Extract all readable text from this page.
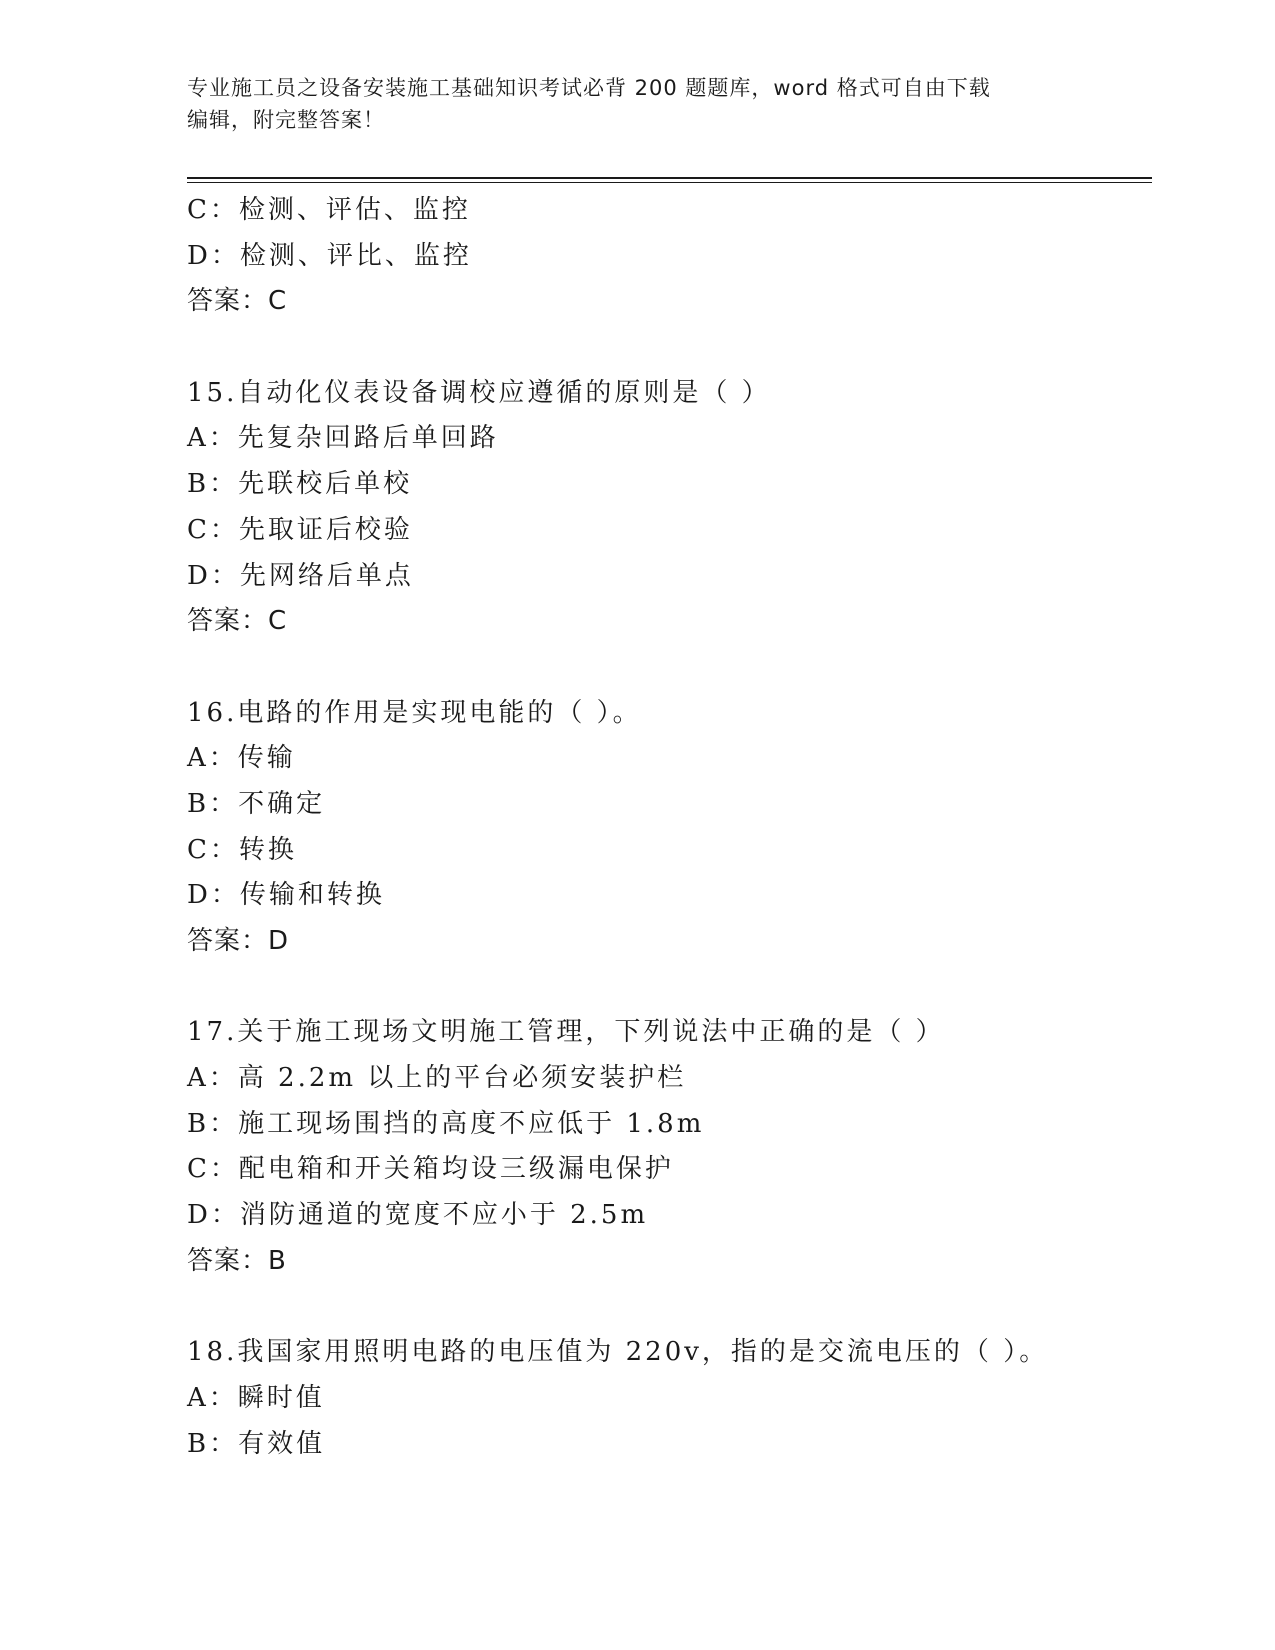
专业施工员之设备安装施工基础知识考试必背 200 题题库，word 格式可自由下载
编辑，附完整答案！
C：检测、评估、监控
D：检测、评比、监控
答案：C
15.自动化仪表设备调校应遵循的原则是（ ）
A：先复杂回路后单回路
B：先联校后单校
C：先取证后校验
D：先网络后单点
答案：C
16.电路的作用是实现电能的（ ）。
A：传输
B：不确定
C：转换
D：传输和转换
答案：D
17.关于施工现场文明施工管理，下列说法中正确的是（ ）
A：高 2.2m 以上的平台必须安装护栏
B：施工现场围挡的高度不应低于 1.8m
C：配电箱和开关箱均设三级漏电保护
D：消防通道的宽度不应小于 2.5m
答案：B
18.我国家用照明电路的电压值为 220v，指的是交流电压的（ ）。
A：瞬时值
B：有效值
